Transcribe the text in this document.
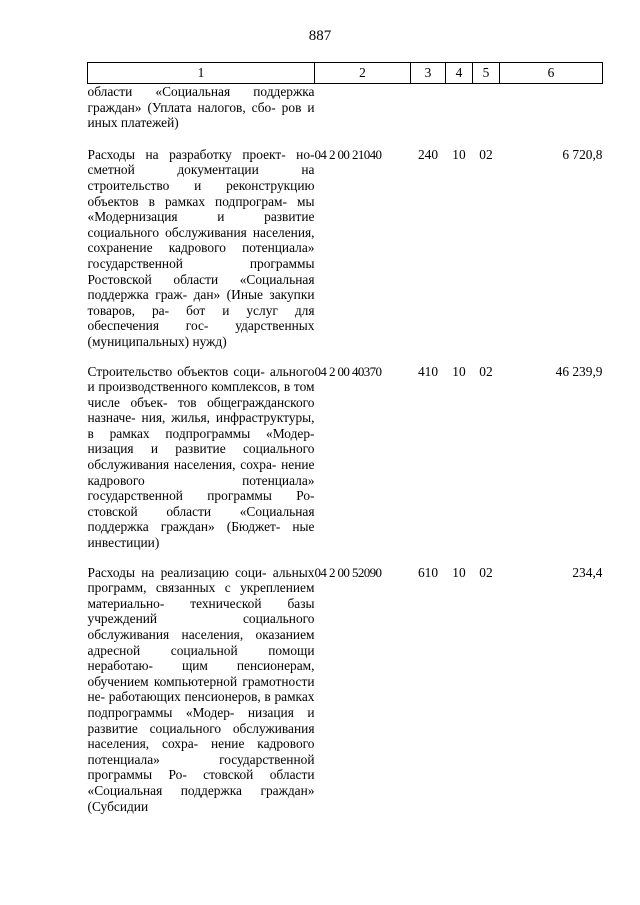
887
1	2	3	4	5	6
области «Социальная поддержка граждан» (Уплата налогов, сбо- ров и иных платежей)					
Расходы на разработку проект- но-сметной документации на строительство и реконструкцию объектов в рамках подпрограм- мы «Модернизация и развитие социального обслуживания населения, сохранение кадрового потенциала» государственной программы Ростовской области «Социальная поддержка граж- дан» (Иные закупки товаров, ра- бот и услуг для обеспечения гос- ударственных (муниципальных) нужд)	04 2 00 21040	240	10	02	6 720,8
Строительство объектов соци- ального и производственного комплексов, в том числе объек- тов общегражданского назначе- ния, жилья, инфраструктуры, в рамках подпрограммы «Модер- низация и развитие социального обслуживания населения, сохра- нение кадрового потенциала» государственной программы Ро- стовской области «Социальная поддержка граждан» (Бюджет- ные инвестиции)	04 2 00 40370	410	10	02	46 239,9
Расходы на реализацию соци- альных программ, связанных с укреплением материально- технической базы учреждений социального обслуживания населения, оказанием адресной социальной помощи неработаю- щим пенсионерам, обучением компьютерной грамотности не- работающих пенсионеров, в рамках подпрограммы «Модер- низация и развитие социального обслуживания населения, сохра- нение кадрового потенциала» государственной программы Ро- стовской области «Социальная поддержка граждан» (Субсидии	04 2 00 52090	610	10	02	234,4
